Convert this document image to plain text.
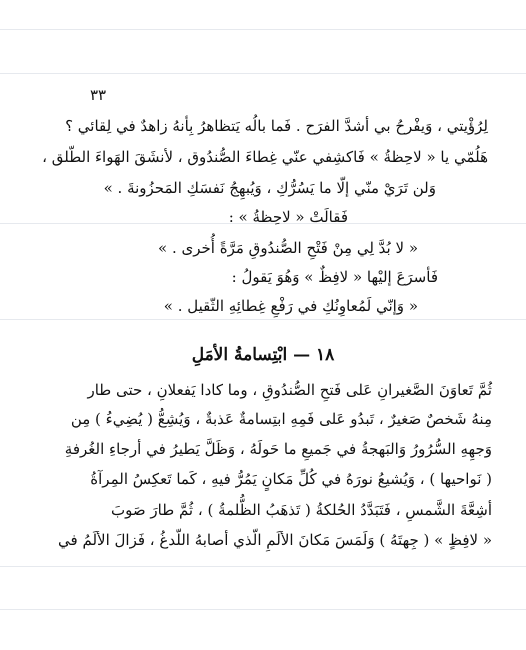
٣٣
لِرُؤْيتي ، وَيفْرحُ بي أشدَّ الفرَح . فَما بالُه يَتظاهرُ بِأنهُ زاهدٌ في لِقائي ؟
هَلُمّي يا « لاحِظةُ » فَاكشِفي عنّي غِطاءَ الصُّندُوق ، لأنشَقَ الهَواءَ الطّلق ،
وَلن تَرَيْ منّي إلّا ما يَسُرُّكِ ، وَيُبهِجُ نَفسَكِ المَحزُونةَ . »
فَقالَتْ « لاحِظةُ » :
« لا بُدَّ لِي مِنْ فَتْحِ الصُّندُوقِ مَرَّةً أُخرى . »
فَأسرَعَ إليْها « لافِظٌ » وَهُوَ يَقولُ :
« وَإنّي لَمُعاوِنُكِ في رَفْعِ غِطائِهِ الثّقيل . »
١٨ — ابْتِسامةُ الأمَلِ
ثُمَّ تَعاوَنَ الصَّغيرانِ عَلى فَتحِ الصُّندُوقِ ، وما كادا يَفعلانِ ، حتى طار
مِنهُ شَخصٌ صَغيرٌ ، تَبدُو عَلى فَمِهِ ابتِسامةٌ عَذبةٌ ، وَيُشِعُّ ( يُضِيءُ ) مِن
وَجهِهِ السُّرُورُ وَالبَهجةُ في جَميعِ ما حَولَهُ ، وَظَلَّ يَطيرُ في أرجاءِ الغُرفةِ
( نَواحيها ) ، وَيُشيعُ نورَهُ في كُلِّ مَكانٍ يَمُرُّ فيهِ ، كَما تَعكِسُ المِرآةُ
أشِعَّةَ الشَّمسِ ، فَتَبَدَّدُ الحُلكةُ ( تَذهَبُ الظُّلمةُ ) ، ثُمَّ طارَ صَوبَ
« لافِظٍ » ( جِهتَهُ ) وَلَمَسَ مَكانَ الألَمِ الّذي أصابهُ اللّدغُ ، فَزالَ الألَمُ في
